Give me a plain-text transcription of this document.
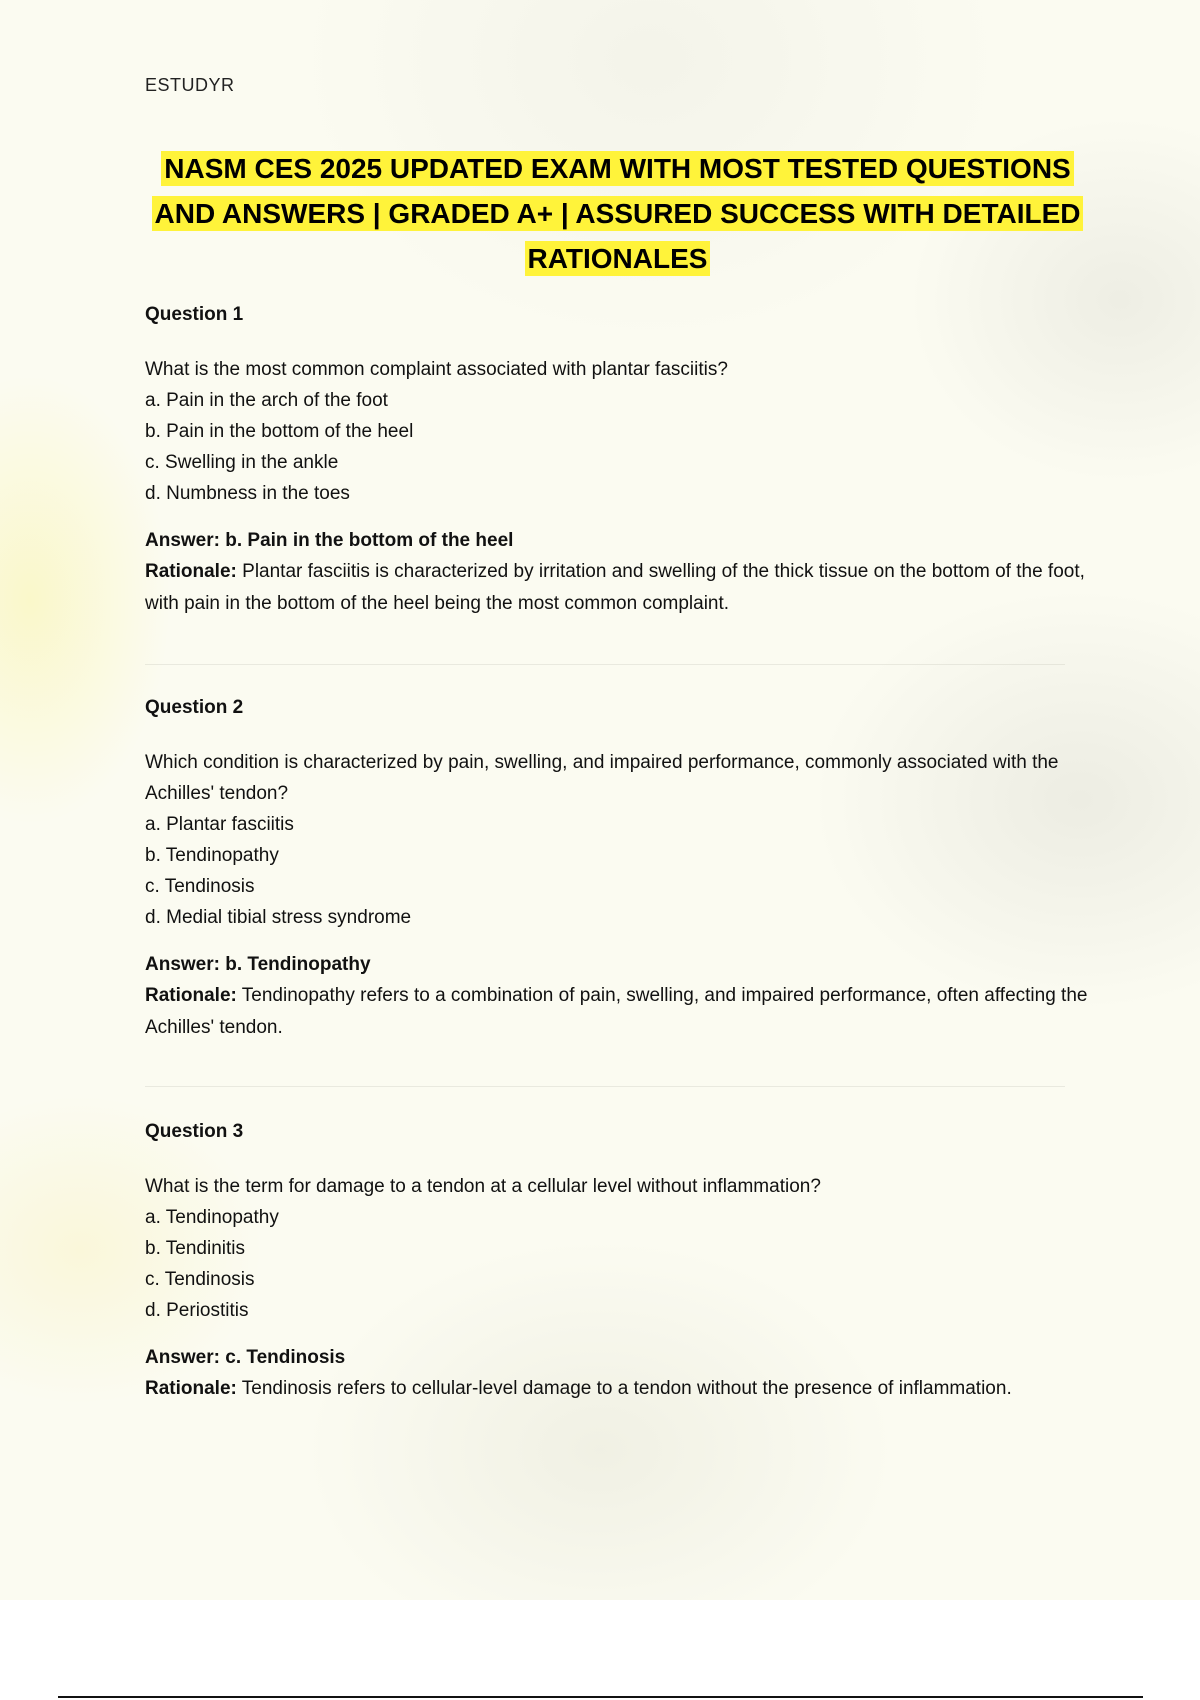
ESTUDYR
NASM CES 2025 UPDATED EXAM WITH MOST TESTED QUESTIONS
AND ANSWERS | GRADED A+ | ASSURED SUCCESS WITH DETAILED
RATIONALES
Question 1
What is the most common complaint associated with plantar fasciitis?
a. Pain in the arch of the foot
b. Pain in the bottom of the heel
c. Swelling in the ankle
d. Numbness in the toes
Answer: b. Pain in the bottom of the heel
Rationale: Plantar fasciitis is characterized by irritation and swelling of the thick tissue on the bottom of the foot, with pain in the bottom of the heel being the most common complaint.
Question 2
Which condition is characterized by pain, swelling, and impaired performance, commonly associated with the Achilles' tendon?
a. Plantar fasciitis
b. Tendinopathy
c. Tendinosis
d. Medial tibial stress syndrome
Answer: b. Tendinopathy
Rationale: Tendinopathy refers to a combination of pain, swelling, and impaired performance, often affecting the Achilles' tendon.
Question 3
What is the term for damage to a tendon at a cellular level without inflammation?
a. Tendinopathy
b. Tendinitis
c. Tendinosis
d. Periostitis
Answer: c. Tendinosis
Rationale: Tendinosis refers to cellular-level damage to a tendon without the presence of inflammation.
